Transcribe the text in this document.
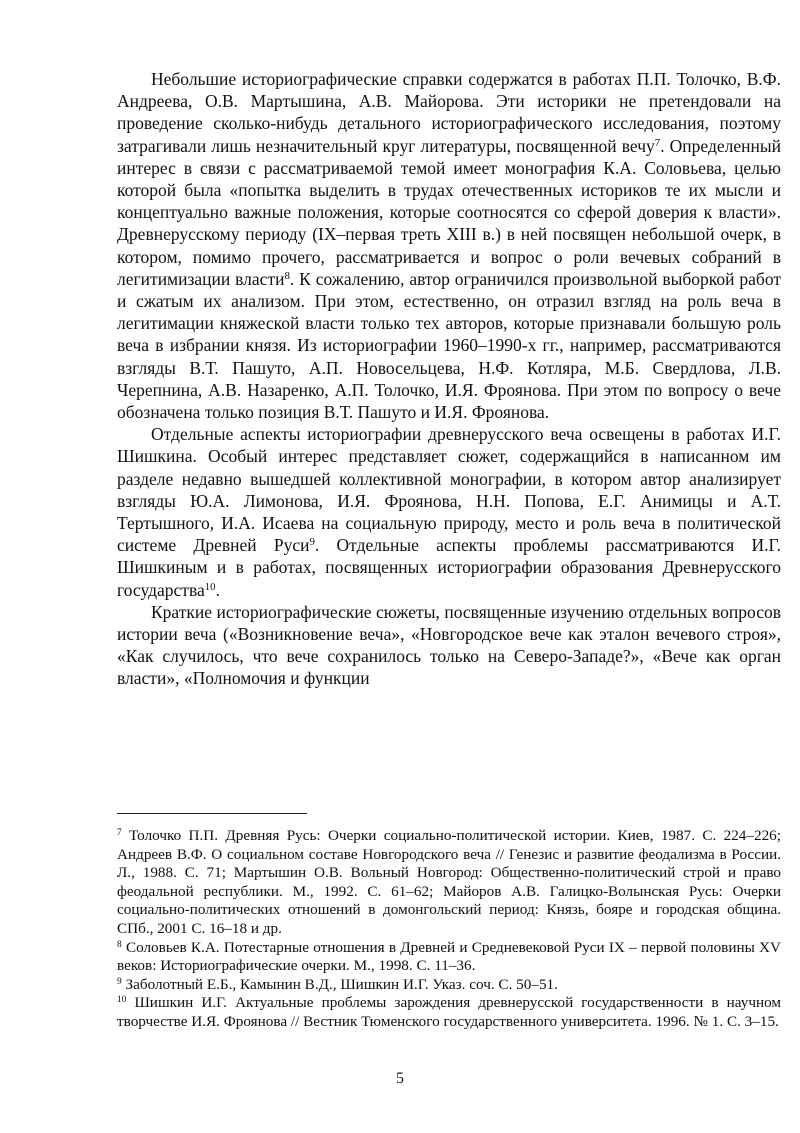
Небольшие историографические справки содержатся в работах П.П. Толочко, В.Ф. Андреева, О.В. Мартышина, А.В. Майорова. Эти историки не претендовали на проведение сколько-нибудь детального историографического исследования, поэтому затрагивали лишь незначительный круг литературы, посвященной вечу$^7$. Определенный интерес в связи с рассматриваемой темой имеет монография К.А. Соловьева, целью которой была «попытка выделить в трудах отечественных историков те их мысли и концептуально важные положения, которые соотносятся со сферой доверия к власти». Древнерусскому периоду (IX–первая треть XIII в.) в ней посвящен небольшой очерк, в котором, помимо прочего, рассматривается и вопрос о роли вечевых собраний в легитимизации власти$^8$. К сожалению, автор ограничился произвольной выборкой работ и сжатым их анализом. При этом, естественно, он отразил взгляд на роль веча в легитимации княжеской власти только тех авторов, которые признавали большую роль веча в избрании князя. Из историографии 1960–1990-х гг., например, рассматриваются взгляды В.Т. Пашуто, А.П. Новосельцева, Н.Ф. Котляра, М.Б. Свердлова, Л.В. Черепнина, А.В. Назаренко, А.П. Толочко, И.Я. Фроянова. При этом по вопросу о вече обозначена только позиция В.Т. Пашуто и И.Я. Фроянова.

Отдельные аспекты историографии древнерусского веча освещены в работах И.Г. Шишкина. Особый интерес представляет сюжет, содержащийся в написанном им разделе недавно вышедшей коллективной монографии, в котором автор анализирует взгляды Ю.А. Лимонова, И.Я. Фроянова, Н.Н. Попова, Е.Г. Анимицы и А.Т. Тертышного, И.А. Исаева на социальную природу, место и роль веча в политической системе Древней Руси$^9$. Отдельные аспекты проблемы рассматриваются И.Г. Шишкиным и в работах, посвященных историографии образования Древнерусского государства$^{10}$.

Краткие историографические сюжеты, посвященные изучению отдельных вопросов истории веча («Возникновение веча», «Новгородское вече как эталон вечевого строя», «Как случилось, что вече сохранилось только на Северо-Западе?», «Вече как орган власти», «Полномочия и функции

$^7$ Толочко П.П. Древняя Русь: Очерки социально-политической истории. Киев, 1987. С. 224–226; Андреев В.Ф. О социальном составе Новгородского веча // Генезис и развитие феодализма в России. Л., 1988. С. 71; Мартышин О.В. Вольный Новгород: Общественно-политический строй и право феодальной республики. М., 1992. С. 61–62; Майоров А.В. Галицко-Волынская Русь: Очерки социально-политических отношений в домонгольский период: Князь, бояре и городская община. СПб., 2001 С. 16–18 и др.

$^8$ Соловьев К.А. Потестарные отношения в Древней и Средневековой Руси IX – первой половины XV веков: Историографические очерки. М., 1998. С. 11–36.

$^9$ Заболотный Е.Б., Камынин В.Д., Шишкин И.Г. Указ. соч. С. 50–51.

$^{10}$ Шишкин И.Г. Актуальные проблемы зарождения древнерусской государственности в научном творчестве И.Я. Фроянова // Вестник Тюменского государственного университета. 1996. № 1. С. 3–15.

5
